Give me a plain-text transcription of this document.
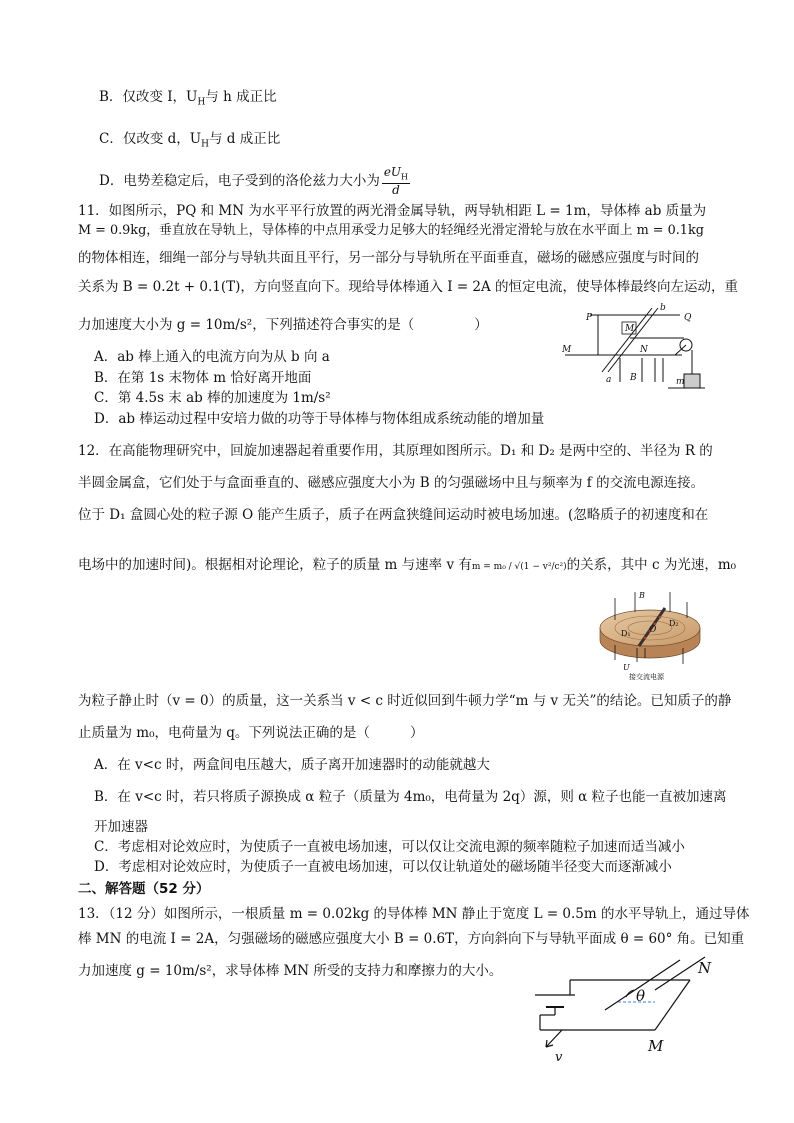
B．仅改变 I，$U_H$与 h 成正比
C．仅改变 d，$U_H$与 d 成正比
D．电势差稳定后，电子受到的洛伦兹力大小为 $\frac{eU_H}{d}$
11．如图所示，PQ 和 MN 为水平平行放置的两光滑金属导轨，两导轨相距 L = 1m，导体棒 ab 质量为
M = 0.9kg，垂直放在导轨上，导体棒的中点用承受力足够大的轻绳经光滑定滑轮与放在水平面上 m = 0.1kg
的物体相连，细绳一部分与导轨共面且平行，另一部分与导轨所在平面垂直，磁场的磁感应强度与时间的
关系为 B = 0.2t + 0.1(T)，方向竖直向下。现给导体棒通入 I = 2A 的恒定电流，使导体棒最终向左运动，重
力加速度大小为 g = 10m/s²，下列描述符合事实的是（	）
A．ab 棒上通入的电流方向为从 b 向 a
B．在第 1s 末物体 m 恰好离开地面
C．第 4.5s 末 ab 棒的加速度为 1m/s²
D．ab 棒运动过程中安培力做的功等于导体棒与物体组成系统动能的增加量
P	Q
b
M
M	N
a B	m
12．在高能物理研究中，回旋加速器起着重要作用，其原理如图所示。D₁ 和 D₂ 是两中空的、半径为 R 的
半圆金属盒，它们处于与盒面垂直的、磁感应强度大小为 B 的匀强磁场中且与频率为 f 的交流电源连接。
位于 D₁ 盒圆心处的粒子源 O 能产生质子，质子在两盒狭缝间运动时被电场加速。(忽略质子的初速度和在
电场中的加速时间)。根据相对论理论，粒子的质量 m 与速率 v 有m = m₀ / √(1 − v²/c²)的关系，其中 c 为光速，m₀
为粒子静止时（v = 0）的质量，这一关系当 v < c 时近似回到牛顿力学“m 与 v 无关”的结论。已知质子的静
止质量为 m₀，电荷量为 q。下列说法正确的是（	）
A．在 v<c 时，两盒间电压越大，质子离开加速器时的动能就越大
B．在 v<c 时，若只将质子源换成 α 粒子（质量为 4m₀，电荷量为 2q）源，则 α 粒子也能一直被加速离
开加速器
C．考虑相对论效应时，为使质子一直被电场加速，可以仅让交流电源的频率随粒子加速而适当减小
D．考虑相对论效应时，为使质子一直被电场加速，可以仅让轨道处的磁场随半径变大而逐渐减小
B
O
D₁
D₂
U
接交流电源
二、解答题（52 分）
13．（12 分）如图所示，一根质量 m = 0.02kg 的导体棒 MN 静止于宽度 L = 0.5m 的水平导轨上，通过导体
棒 MN 的电流 I = 2A，匀强磁场的磁感应强度大小 B = 0.6T，方向斜向下与导轨平面成 θ = 60° 角。已知重
力加速度 g = 10m/s²，求导体棒 MN 所受的支持力和摩擦力的大小。	N
M
θ
v
